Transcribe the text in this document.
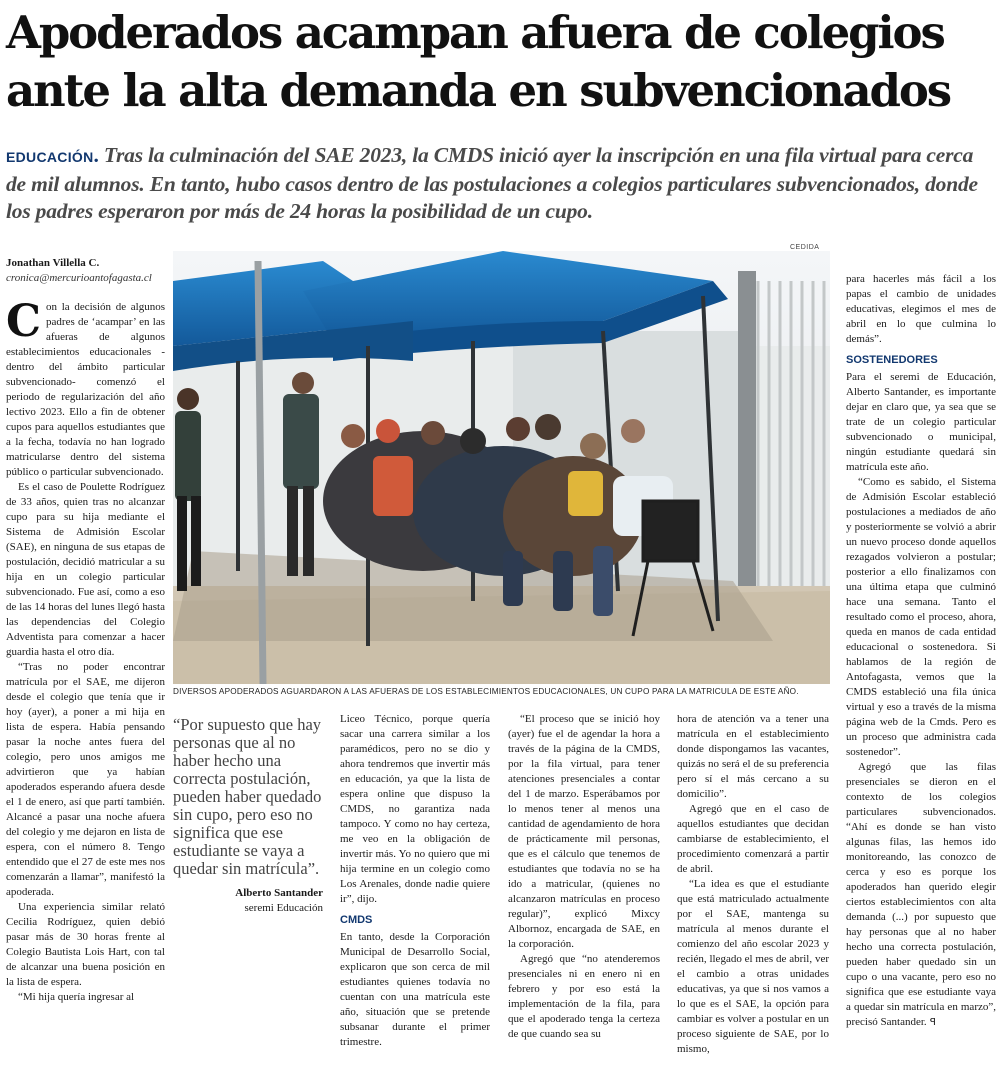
Apoderados acampan afuera de colegios ante la alta demanda en subvencionados

EDUCACIÓN. Tras la culminación del SAE 2023, la CMDS inició ayer la inscripción en una fila virtual para cerca de mil alumnos. En tanto, hubo casos dentro de las postulaciones a colegios particulares subvencionados, donde los padres esperaron por más de 24 horas la posibilidad de un cupo.

Jonathan Villella C.
cronica@mercurioantofagasta.cl

Con la decisión de algunos padres de ‘acampar’ en las afueras de algunos establecimientos educacionales -dentro del ámbito particular subvencionado- comenzó el periodo de regularización del año lectivo 2023. Ello a fin de obtener cupos para aquellos estudiantes que a la fecha, todavía no han logrado matricularse dentro del sistema público o particular subvencionado.

Es el caso de Poulette Rodríguez de 33 años, quien tras no alcanzar cupo para su hija mediante el Sistema de Admisión Escolar (SAE), en ninguna de sus etapas de postulación, decidió matricular a su hija en un colegio particular subvencionado. Fue así, como a eso de las 14 horas del lunes llegó hasta las dependencias del Colegio Adventista para comenzar a hacer guardia hasta el otro día.

“Tras no poder encontrar matrícula por el SAE, me dijeron desde el colegio que tenía que ir hoy (ayer), a poner a mi hija en lista de espera. Había pensando pasar la noche antes fuera del colegio, pero unos amigos me advirtieron que ya habían apoderados esperando afuera desde el 1 de enero, así que partí también. Alcancé a pasar una noche afuera del colegio y me dejaron en lista de espera, con el número 8. Tengo entendido que el 27 de este mes nos comenzarán a llamar”, manifestó la apoderada.

Una experiencia similar relató Cecilia Rodríguez, quien debió pasar más de 30 horas frente al Colegio Bautista Lois Hart, con tal de alcanzar una buena posición en la lista de espera.

“Mi hija quería ingresar al

CEDIDA
DIVERSOS APODERADOS AGUARDARON A LAS AFUERAS DE LOS ESTABLECIMIENTOS EDUCACIONALES, UN CUPO PARA LA MATRICULA DE ESTE AÑO.
“Por supuesto que hay personas que al no haber hecho una correcta postulación, pueden haber quedado sin cupo, pero eso no significa que ese estudiante se vaya a quedar sin matrícula”.
Alberto Santander
seremi Educación

Liceo Técnico, porque quería sacar una carrera similar a los paramédicos, pero no se dio y ahora tendremos que invertir más en educación, ya que la lista de espera online que dispuso la CMDS, no garantiza nada tampoco. Y como no hay certeza, me veo en la obligación de invertir más. Yo no quiero que mi hija termine en un colegio como Los Arenales, donde nadie quiere ir”, dijo.

CMDS

En tanto, desde la Corporación Municipal de Desarrollo Social, explicaron que son cerca de mil estudiantes quienes todavía no cuentan con una matrícula este año, situación que se pretende subsanar durante el primer trimestre.

“El proceso que se inició hoy (ayer) fue el de agendar la hora a través de la página de la CMDS, por la fila virtual, para tener atenciones presenciales a contar del 1 de marzo. Esperábamos por lo menos tener al menos una cantidad de agendamiento de hora de prácticamente mil personas, que es el cálculo que tenemos de estudiantes que todavía no se ha ido a matricular, (quienes no alcanzaron matrículas en proceso regular)”, explicó Mixcy Albornoz, encargada de SAE, en la corporación.

Agregó que “no atenderemos presenciales ni en enero ni en febrero y por eso está la implementación de la fila, para que el apoderado tenga la certeza de que cuando sea su

hora de atención va a tener una matrícula en el establecimiento donde dispongamos las vacantes, quizás no será el de su preferencia pero sí el más cercano a su domicilio”.

Agregó que en el caso de aquellos estudiantes que decidan cambiarse de establecimiento, el procedimiento comenzará a partir de abril.

“La idea es que el estudiante que está matriculado actualmente por el SAE, mantenga su matrícula al menos durante el comienzo del año escolar 2023 y recién, llegado el mes de abril, ver el cambio a otras unidades educativas, ya que si nos vamos a lo que es el SAE, la opción para cambiar es volver a postular en un proceso siguiente de SAE, por lo mismo,

para hacerles más fácil a los papas el cambio de unidades educativas, elegimos el mes de abril en lo que culmina lo demás”.

SOSTENEDORES

Para el seremi de Educación, Alberto Santander, es importante dejar en claro que, ya sea que se trate de un colegio particular subvencionado o municipal, ningún estudiante quedará sin matrícula este año.

“Como es sabido, el Sistema de Admisión Escolar estableció postulaciones a mediados de año y posteriormente se volvió a abrir un nuevo proceso donde aquellos rezagados volvieron a postular; posterior a ello finalizamos con una última etapa que culminó hace una semana. Tanto el resultado como el proceso, ahora, queda en manos de cada entidad educacional o sostenedora. Si hablamos de la región de Antofagasta, vemos que la CMDS estableció una fila única virtual y eso a través de la misma página web de la Cmds. Pero es un proceso que administra cada sostenedor”.

Agregó que las filas presenciales se dieron en el contexto de los colegios particulares subvencionados. “Ahí es donde se han visto algunas filas, las hemos ido monitoreando, las conozco de cerca y eso es porque los apoderados han querido elegir ciertos establecimientos con alta demanda (...) por supuesto que hay personas que al no haber hecho una correcta postulación, pueden haber quedado sin un cupo o una vacante, pero eso no significa que ese estudiante vaya a quedar sin matrícula en marzo”, precisó Santander. ꟼ
